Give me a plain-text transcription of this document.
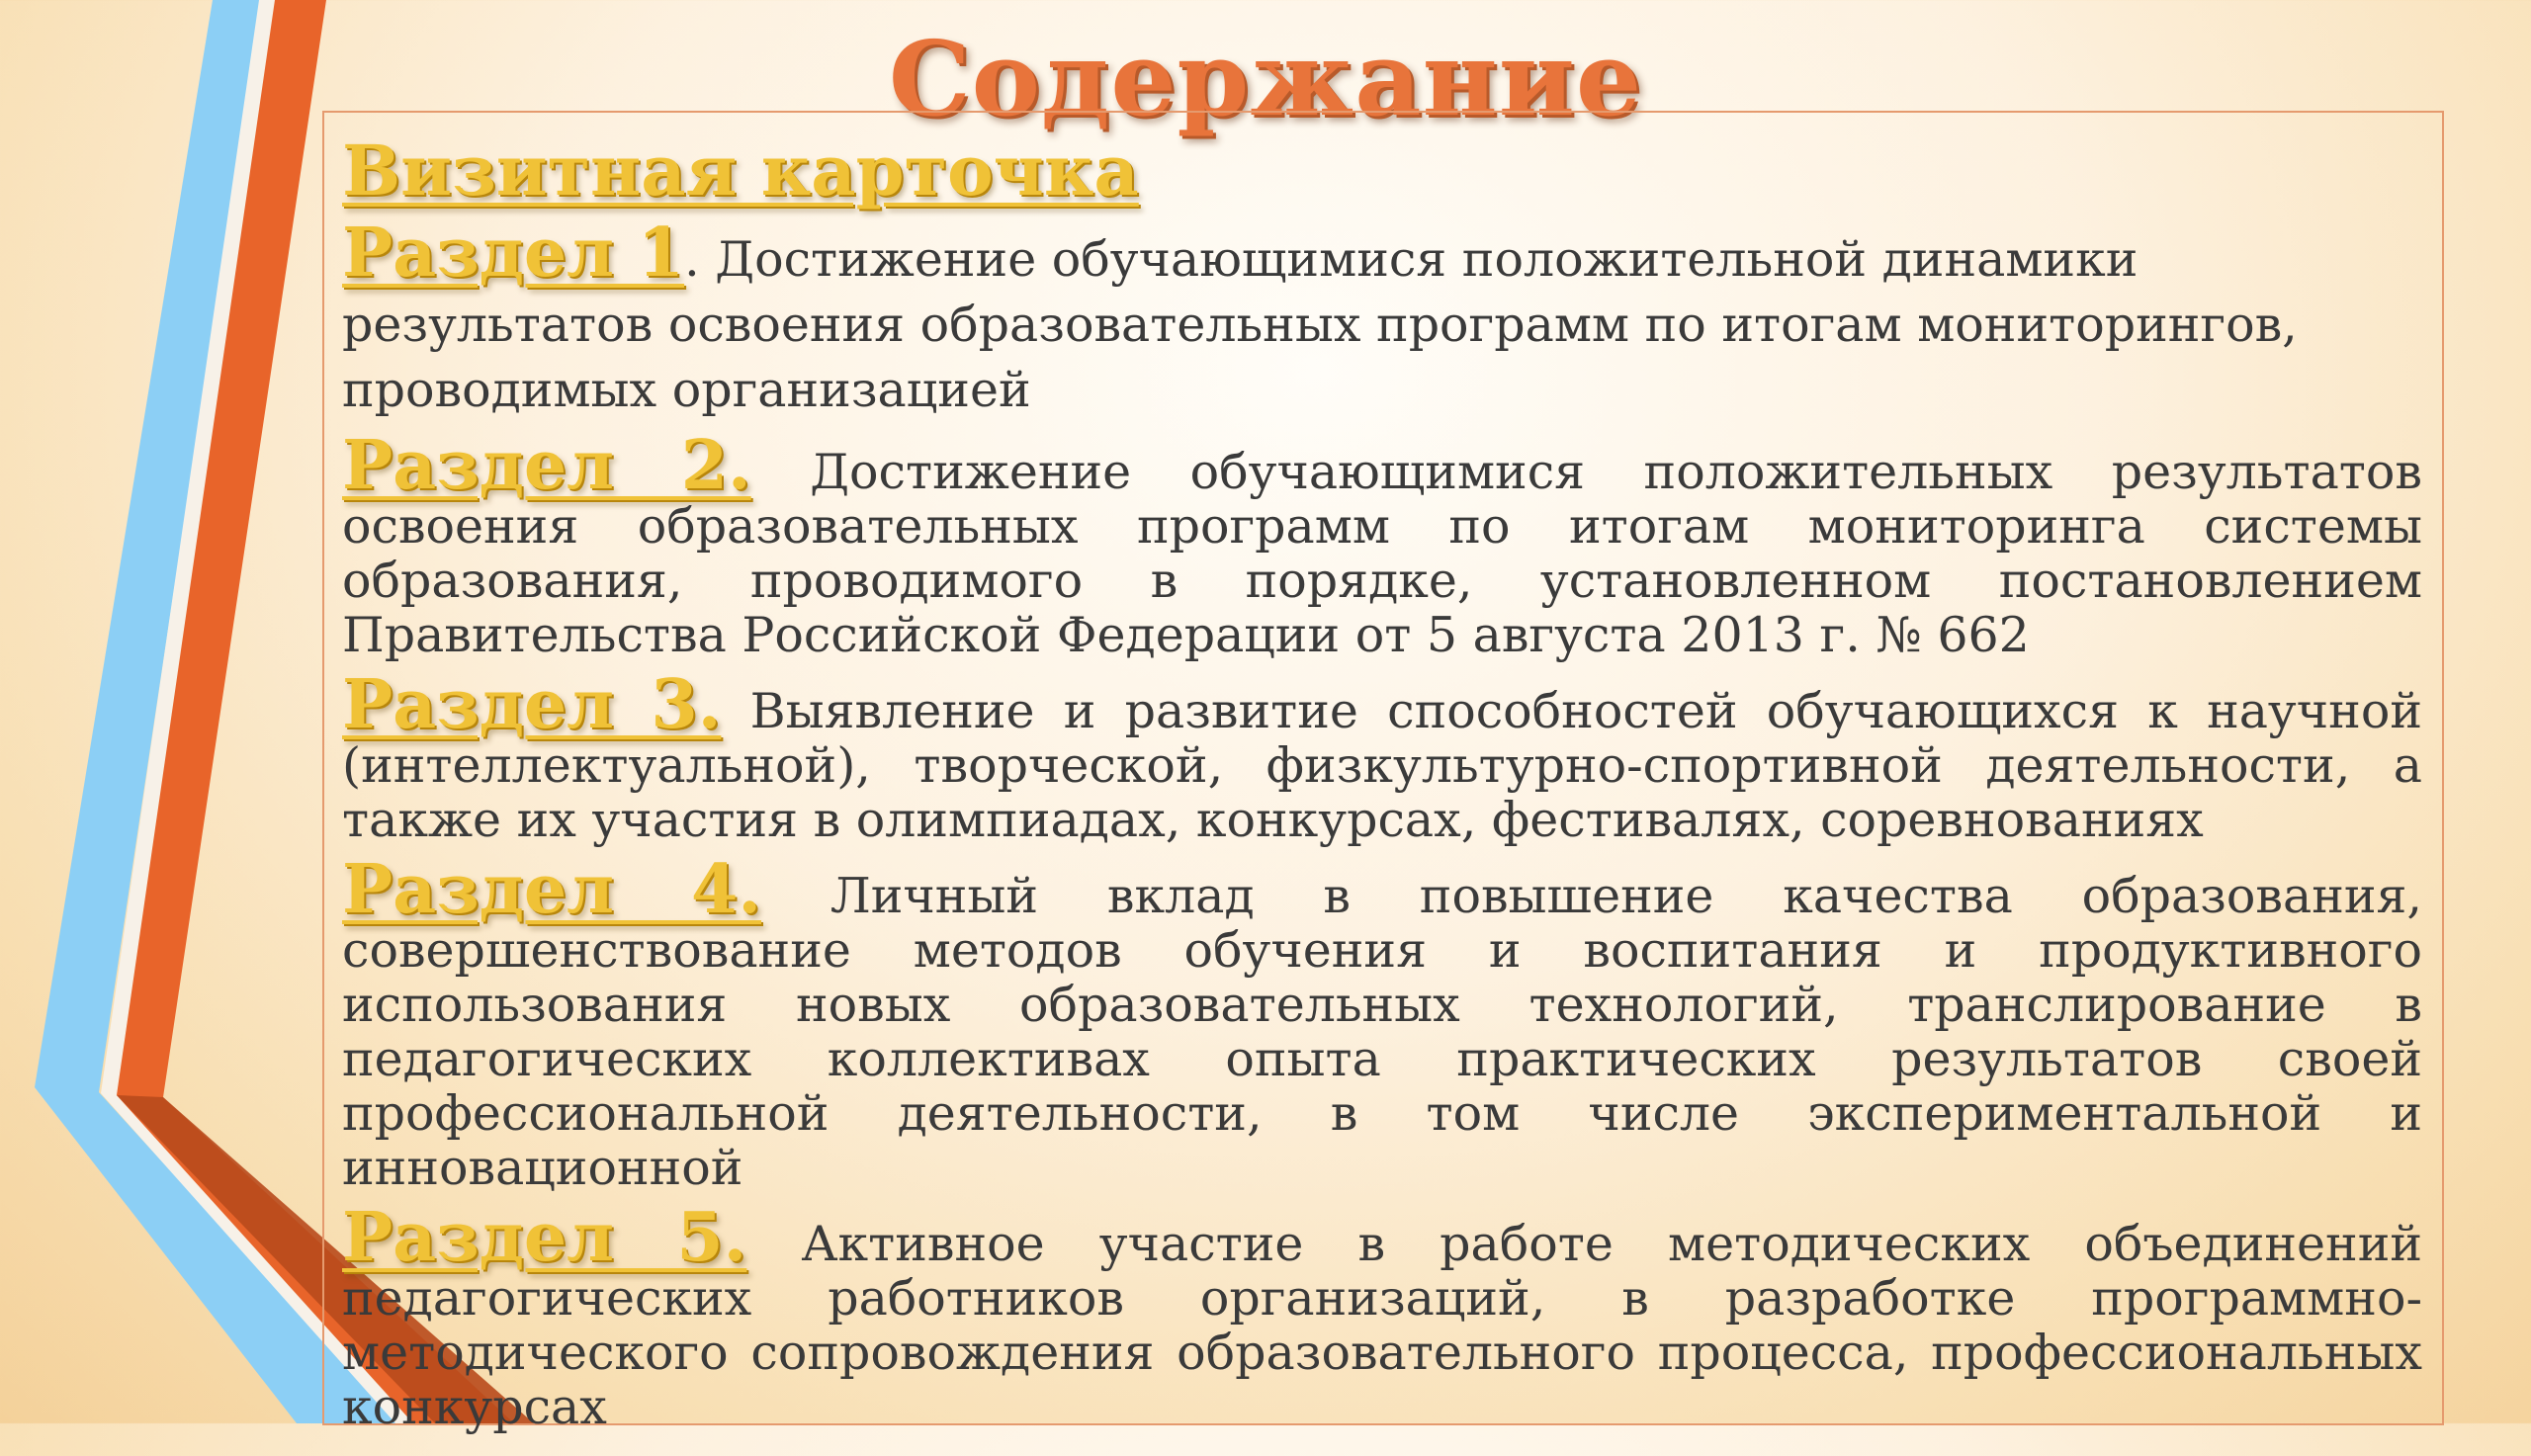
Содержание
Визитная карточка
Раздел 1. Достижение обучающимися положительной динамики результатов освоения образовательных программ по итогам мониторингов, проводимых организацией
Раздел 2. Достижение обучающимися положительных результатов освоения образовательных программ по итогам мониторинга системы образования, проводимого в порядке, установленном постановлением Правительства Российской Федерации от 5 августа 2013 г. № 662
Раздел 3. Выявление и развитие способностей обучающихся к научной (интеллектуальной), творческой, физкультурно-спортивной деятельности, а также их участия в олимпиадах, конкурсах, фестивалях, соревнованиях
Раздел 4. Личный вклад в повышение качества образования, совершенствование методов обучения и воспитания и продуктивного использования новых образовательных технологий, транслирование в педагогических коллективах опыта практических результатов своей профессиональной деятельности, в том числе экспериментальной и инновационной
Раздел 5. Активное участие в работе методических объединений педагогических работников организаций, в разработке программно-методического сопровождения образовательного процесса, профессиональных конкурсах
